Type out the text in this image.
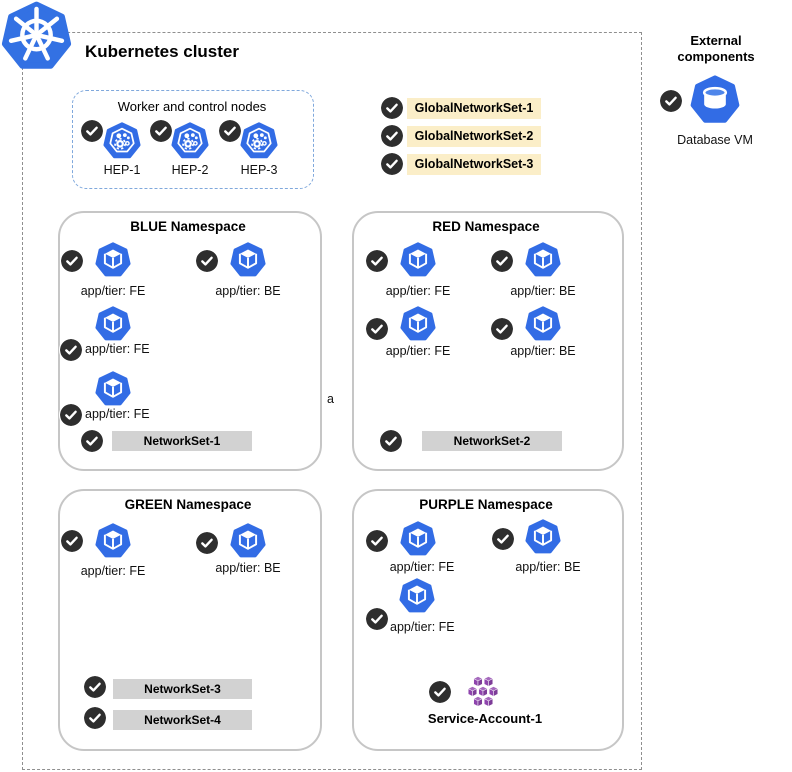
Kubernetes cluster
Worker and control nodes
HEP-1	HEP-2	HEP-3
GlobalNetworkSet-1
GlobalNetworkSet-2
GlobalNetworkSet-3
External components
Database VM
BLUE Namespace
app/tier: FE	app/tier: BE
app/tier: FE
app/tier: FE
NetworkSet-1
RED Namespace
app/tier: FE	app/tier: BE
app/tier: FE	app/tier: BE
NetworkSet-2
a
GREEN Namespace
app/tier: FE	app/tier: BE
NetworkSet-3
NetworkSet-4
PURPLE Namespace
app/tier: FE	app/tier: BE
app/tier: FE
Service-Account-1
